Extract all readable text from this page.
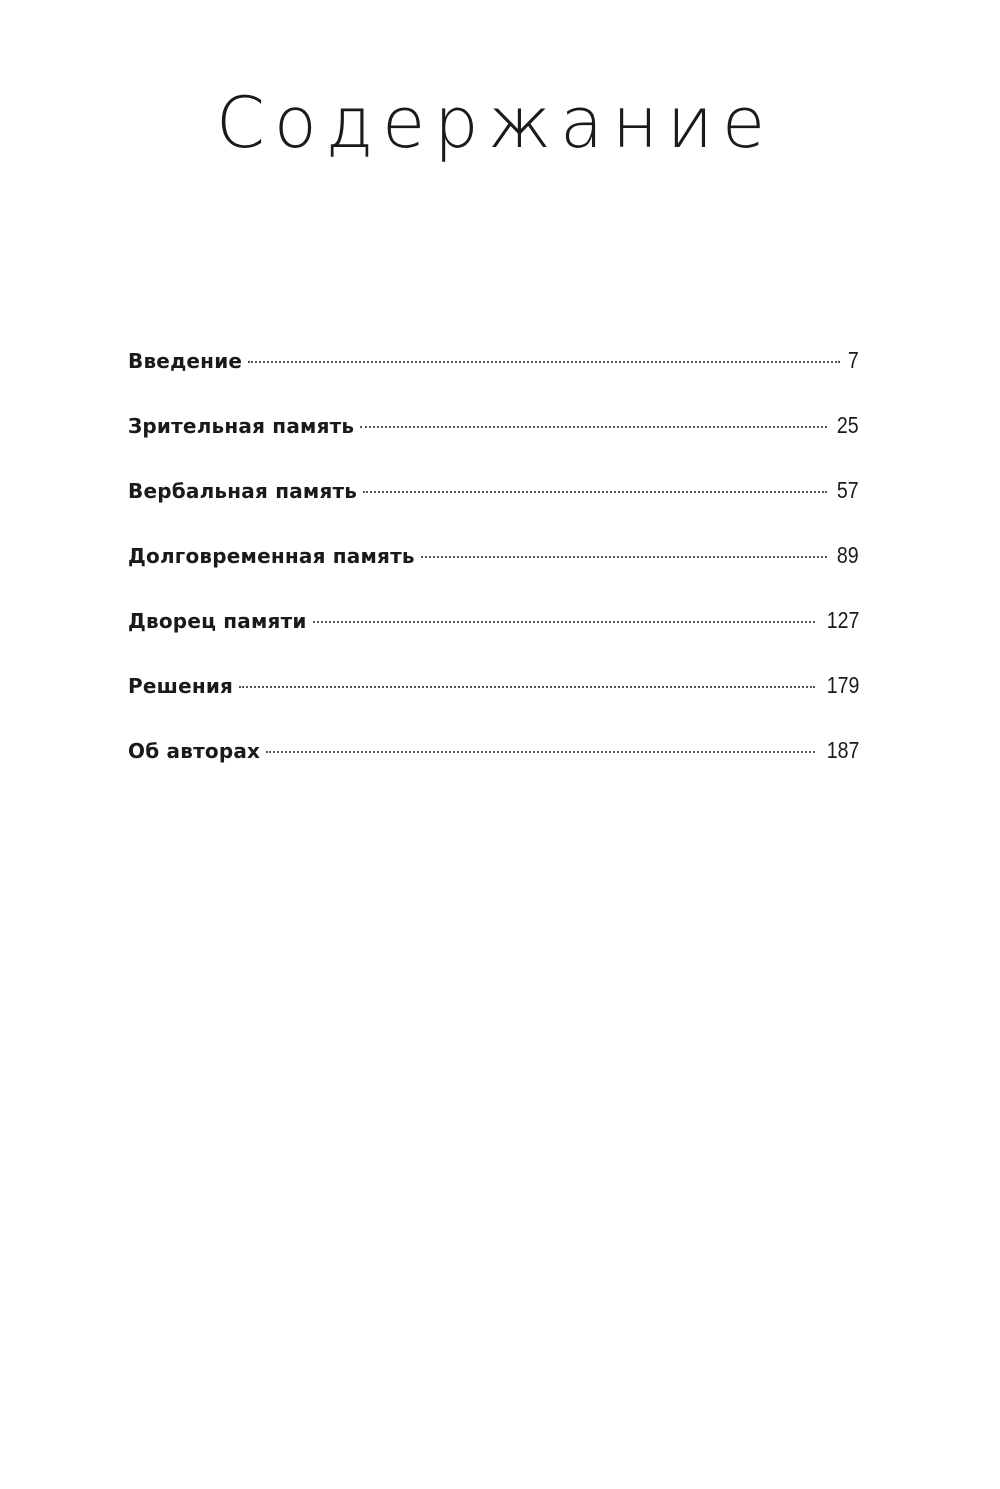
Содержание
Введение	7
Зрительная память	25
Вербальная память	57
Долговременная память	89
Дворец памяти	127
Решения	179
Об авторах	187
